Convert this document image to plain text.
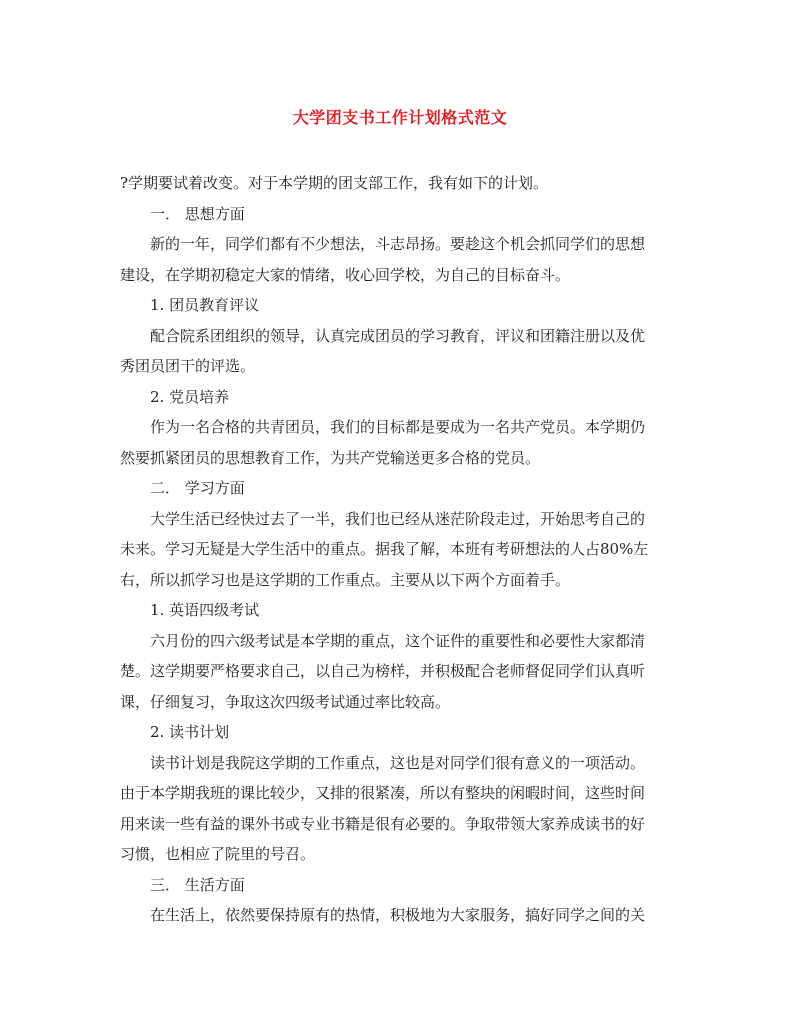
大学团支书工作计划格式范文
?学期要试着改变。对于本学期的团支部工作，我有如下的计划。
一． 思想方面
新的一年，同学们都有不少想法，斗志昂扬。要趁这个机会抓同学们的思想
建设，在学期初稳定大家的情绪，收心回学校，为自己的目标奋斗。
1. 团员教育评议
配合院系团组织的领导，认真完成团员的学习教育，评议和团籍注册以及优
秀团员团干的评选。
2. 党员培养
作为一名合格的共青团员，我们的目标都是要成为一名共产党员。本学期仍
然要抓紧团员的思想教育工作，为共产党输送更多合格的党员。
二． 学习方面
大学生活已经快过去了一半，我们也已经从迷茫阶段走过，开始思考自己的
未来。学习无疑是大学生活中的重点。据我了解，本班有考研想法的人占80%左
右，所以抓学习也是这学期的工作重点。主要从以下两个方面着手。
1. 英语四级考试
六月份的四六级考试是本学期的重点，这个证件的重要性和必要性大家都清
楚。这学期要严格要求自己，以自己为榜样，并积极配合老师督促同学们认真听
课，仔细复习，争取这次四级考试通过率比较高。
2. 读书计划
读书计划是我院这学期的工作重点，这也是对同学们很有意义的一项活动。
由于本学期我班的课比较少，又排的很紧凑，所以有整块的闲暇时间，这些时间
用来读一些有益的课外书或专业书籍是很有必要的。争取带领大家养成读书的好
习惯，也相应了院里的号召。
三． 生活方面
在生活上，依然要保持原有的热情，积极地为大家服务，搞好同学之间的关
